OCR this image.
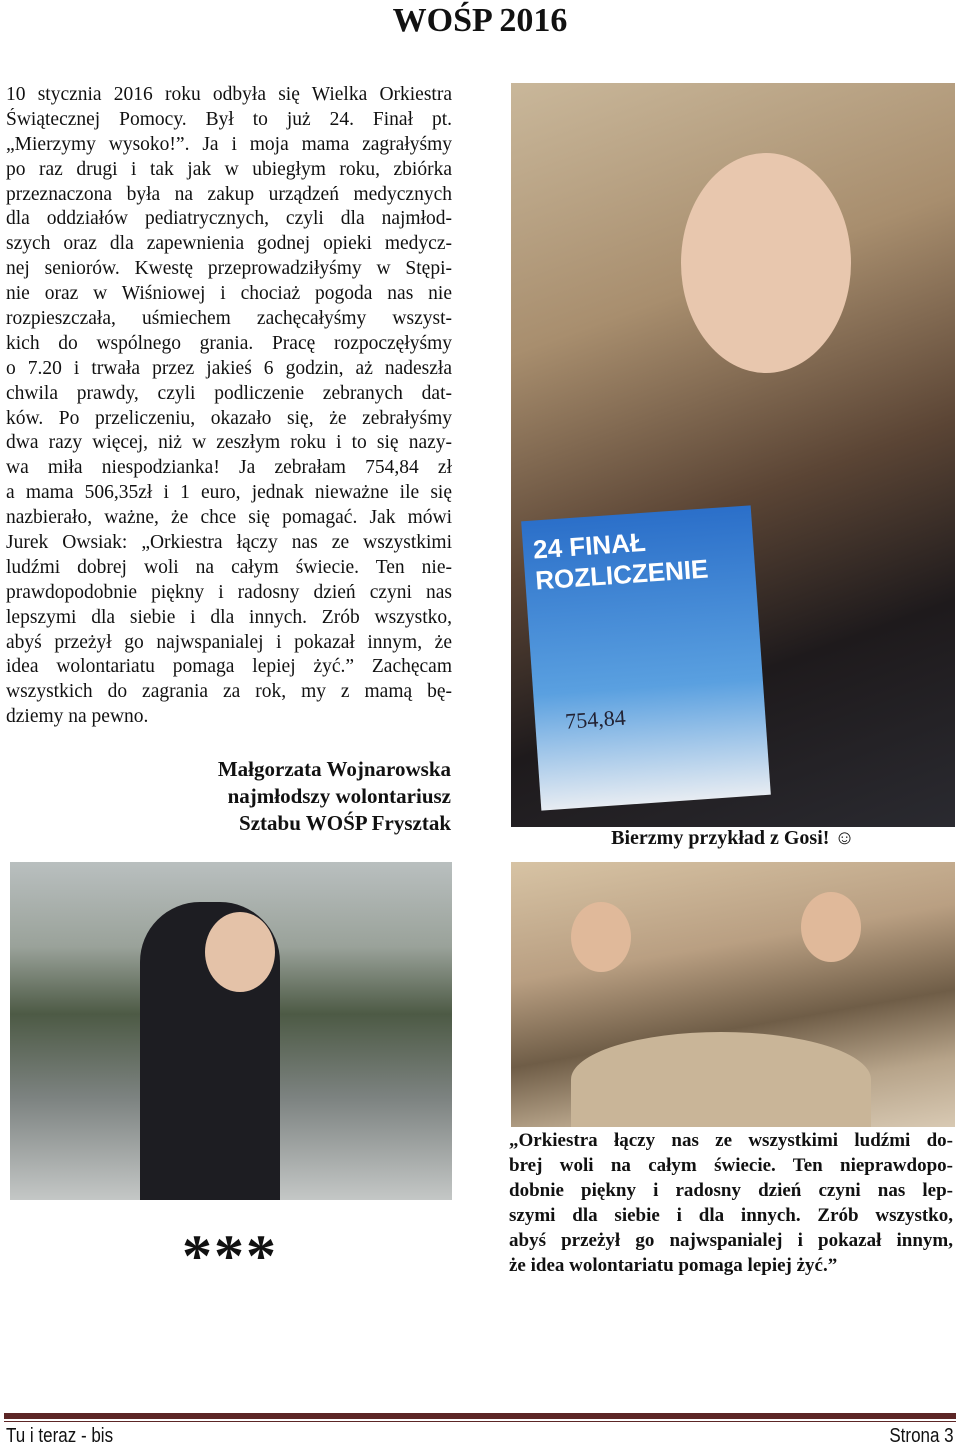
WOŚP 2016
10 stycznia 2016 roku odbyła się Wielka Orkiestra
Świątecznej Pomocy. Był to już 24. Finał pt.
„Mierzymy wysoko!”. Ja i moja mama zagrałyśmy
po raz drugi i tak jak w ubiegłym roku, zbiórka
przeznaczona była na zakup urządzeń medycznych
dla oddziałów pediatrycznych, czyli dla najmłod-
szych oraz dla zapewnienia godnej opieki medycz-
nej seniorów. Kwestę przeprowadziłyśmy w Stępi-
nie oraz w Wiśniowej i chociaż pogoda nas nie
rozpieszczała, uśmiechem zachęcałyśmy wszyst-
kich do wspólnego grania. Pracę rozpoczęłyśmy
o 7.20 i trwała przez jakieś 6 godzin, aż nadeszła
chwila prawdy, czyli podliczenie zebranych dat-
ków. Po przeliczeniu, okazało się, że zebrałyśmy
dwa razy więcej, niż w zeszłym roku i to się nazy-
wa miła niespodzianka! Ja zebrałam 754,84 zł
a mama 506,35zł i 1 euro, jednak nieważne ile się
nazbierało, ważne, że chce się pomagać. Jak mówi
Jurek Owsiak: „Orkiestra łączy nas ze wszystkimi
ludźmi dobrej woli na całym świecie. Ten nie-
prawdopodobnie piękny i radosny dzień czyni nas
lepszymi dla siebie i dla innych. Zrób wszystko,
abyś przeżył go najwspanialej i pokazał innym, że
idea wolontariatu pomaga lepiej żyć.” Zachęcam
wszystkich do zagrania za rok, my z mamą bę-
dziemy na pewno.
Małgorzata Wojnarowska
najmłodszy wolontariusz
Sztabu WOŚP Frysztak
24 FINAŁ ROZLICZENIE
754,84
Bierzmy przykład z Gosi! ☺
***
„Orkiestra łączy nas ze wszystkimi ludźmi do-
brej woli na całym świecie. Ten nieprawdopo-
dobnie piękny i radosny dzień czyni nas lep-
szymi dla siebie i dla innych. Zrób wszystko,
abyś przeżył go najwspanialej i pokazał innym,
że idea wolontariatu pomaga lepiej żyć.”
Tu i teraz - bis	Strona 3
